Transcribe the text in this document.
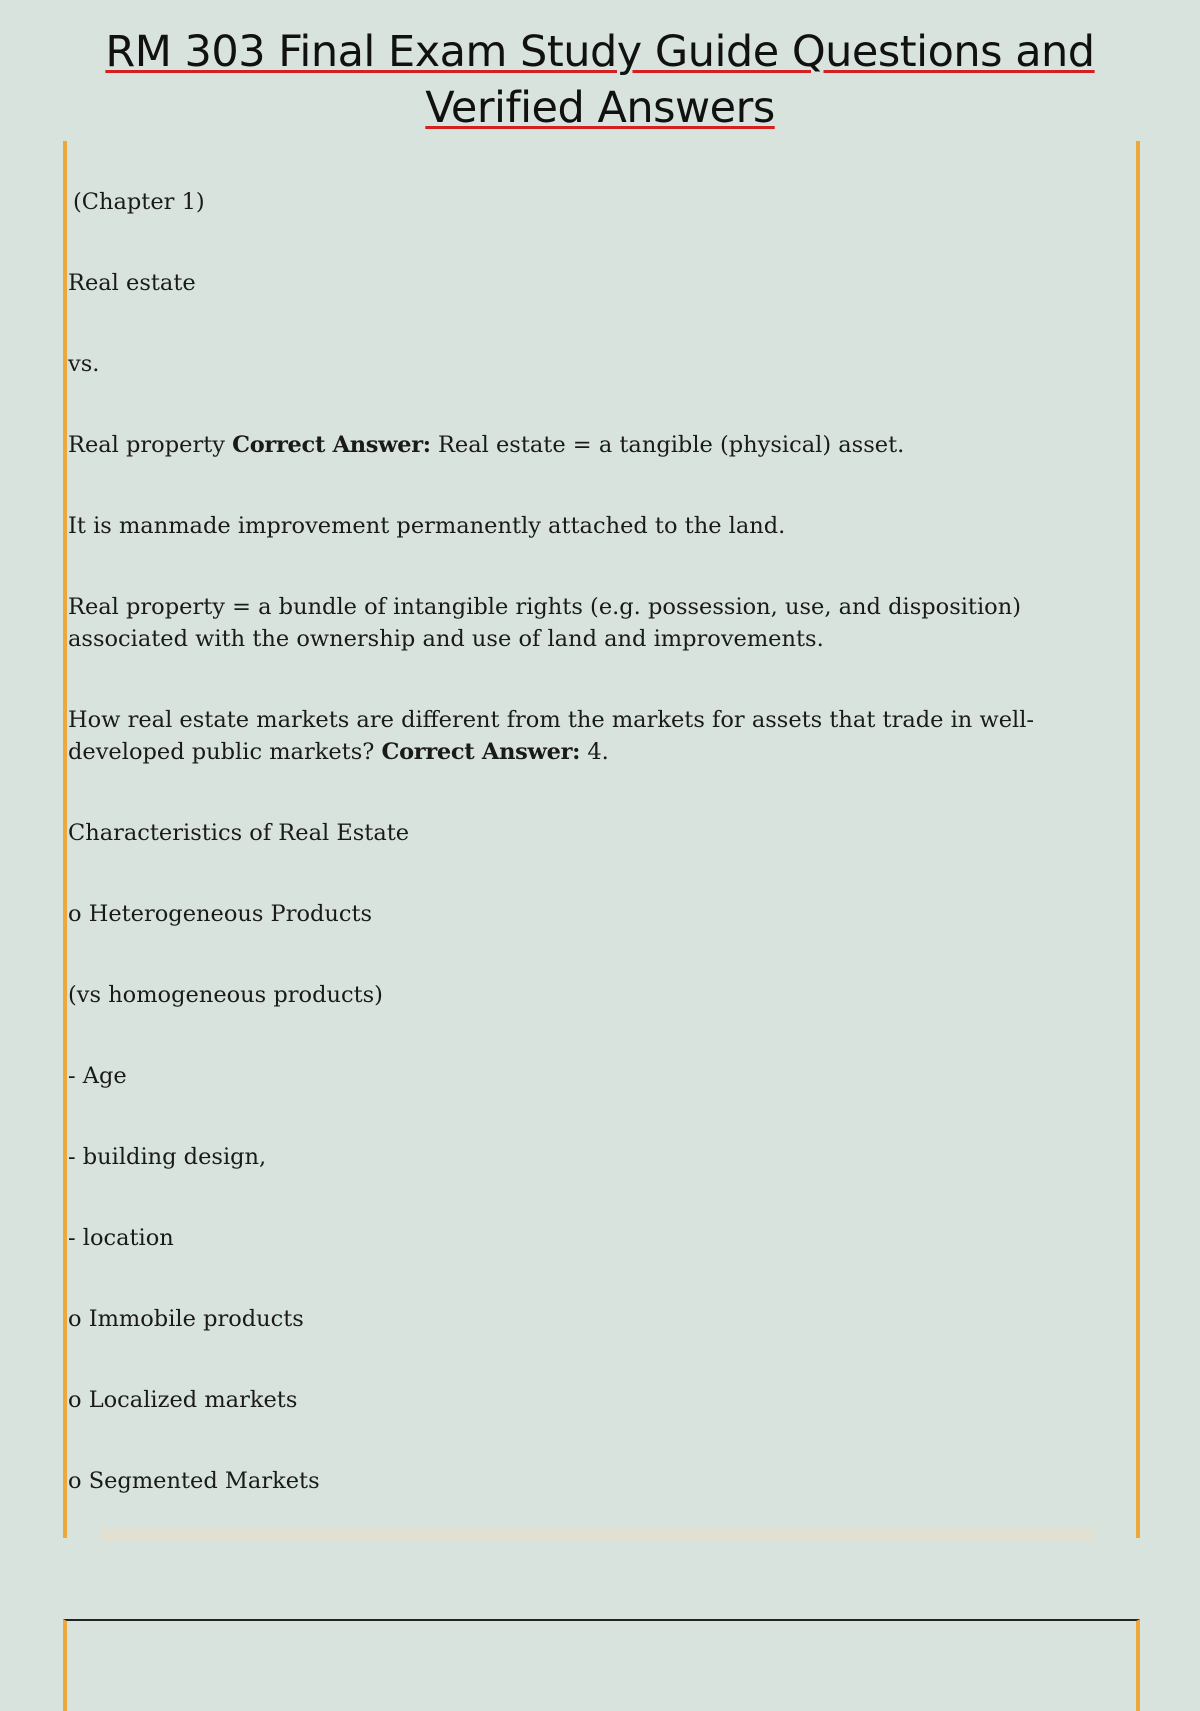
RM 303 Final Exam Study Guide Questions and
Verified Answers

(Chapter 1)

Real estate

vs.

Real property Correct Answer: Real estate = a tangible (physical) asset.

It is manmade improvement permanently attached to the land.

Real property = a bundle of intangible rights (e.g. possession, use, and disposition) associated with the ownership and use of land and improvements.

How real estate markets are different from the markets for assets that trade in well-developed public markets? Correct Answer: 4.

Characteristics of Real Estate

o Heterogeneous Products

(vs homogeneous products)

- Age

- building design,

- location

o Immobile products

o Localized markets

o Segmented Markets
